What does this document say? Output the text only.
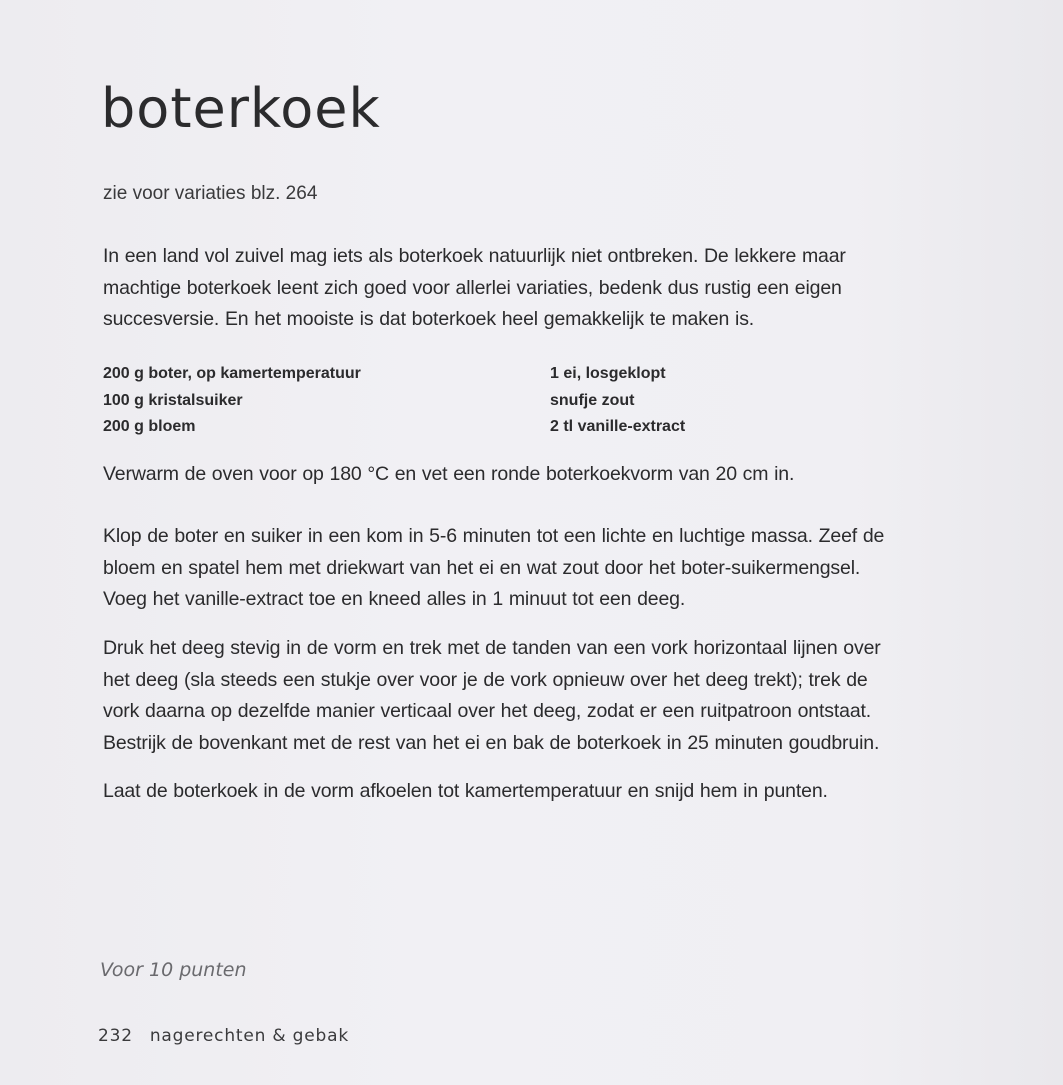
boterkoek

zie voor variaties blz. 264

In een land vol zuivel mag iets als boterkoek natuurlijk niet ontbreken. De lekkere maar
machtige boterkoek leent zich goed voor allerlei variaties, bedenk dus rustig een eigen
succesversie. En het mooiste is dat boterkoek heel gemakkelijk te maken is.

200 g boter, op kamertemperatuur
100 g kristalsuiker
200 g bloem
1 ei, losgeklopt
snufje zout
2 tl vanille-extract

Verwarm de oven voor op 180 °C en vet een ronde boterkoekvorm van 20 cm in.

Klop de boter en suiker in een kom in 5-6 minuten tot een lichte en luchtige massa. Zeef de
bloem en spatel hem met driekwart van het ei en wat zout door het boter-suikermengsel.
Voeg het vanille-extract toe en kneed alles in 1 minuut tot een deeg.

Druk het deeg stevig in de vorm en trek met de tanden van een vork horizontaal lijnen over
het deeg (sla steeds een stukje over voor je de vork opnieuw over het deeg trekt); trek de
vork daarna op dezelfde manier verticaal over het deeg, zodat er een ruitpatroon ontstaat.
Bestrijk de bovenkant met de rest van het ei en bak de boterkoek in 25 minuten goudbruin.

Laat de boterkoek in de vorm afkoelen tot kamertemperatuur en snijd hem in punten.

Voor 10 punten

232 nagerechten & gebak
